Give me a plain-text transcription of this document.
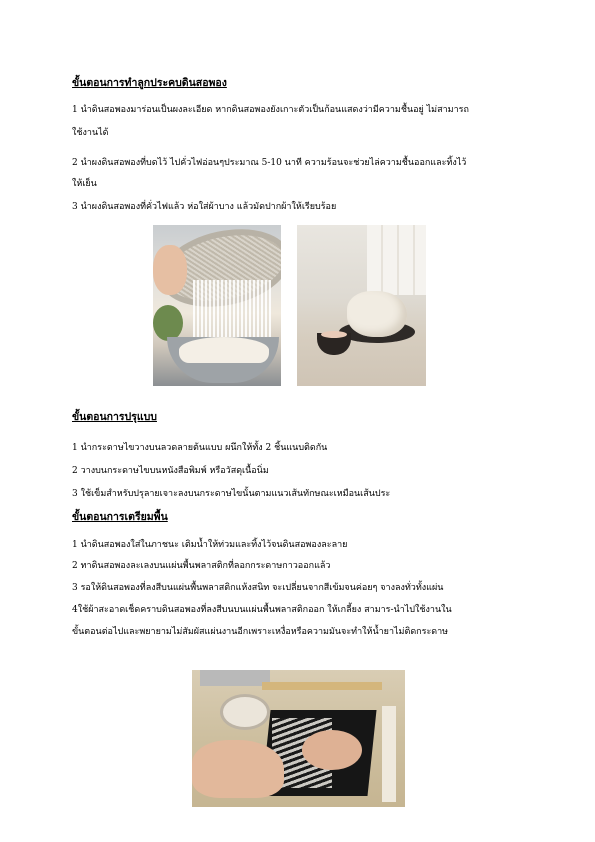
ขั้นตอนการทำลูกประคบดินสอพอง
1 นำดินสอพองมาร่อนเป็นผงละเอียด หากดินสอพองยังเกาะตัวเป็นก้อนแสดงว่ามีความชื้นอยู่ ไม่สามารถ
ใช้งานได้
2 นำผงดินสอพองที่บดไว้ ไปคั่วไฟอ่อนๆประมาณ 5-10 นาที ความร้อนจะช่วยไล่ความชื้นออกและทิ้งไว้
ให้เย็น
3 นำผงดินสอพองที่คั่วไฟแล้ว ห่อใส่ผ้าบาง แล้วมัดปากผ้าให้เรียบร้อย
ขั้นตอนการปรุแบบ
1 นำกระดาษไขวางบนลวดลายต้นแบบ ผนึกให้ทั้ง 2 ชิ้นแนบติดกัน
2 วางบนกระดาษไขบนหนังสือพิมพ์ หรือวัสดุเนื้อนิ่ม
3 ใช้เข็มสำหรับปรุลายเจาะลงบนกระดาษไขนั้นตามแนวเส้นทักษณะเหมือนเส้นประ
ขั้นตอนการเตรียมพื้น
1 นำดินสอพองใส่ในภาชนะ เติมน้ำให้ท่วมและทิ้งไว้จนดินสอพองละลาย
2 ทาดินสอพองละเลงบนแผ่นพื้นพลาสติกที่ลอกกระดาษกาวออกแล้ว
3 รอให้ดินสอพองที่ลงสีบนแผ่นพื้นพลาสติกแห้งสนิท จะเปลี่ยนจากสีเข้มจนค่อยๆ จางลงทั่วทั้งแผ่น
4ใช้ผ้าสะอาดเช็ดคราบดินสอพองที่ลงสีบนบนแผ่นพื้นพลาสติกออก ให้เกลี้ยง สามาร-นำไปใช้งานใน
ขั้นตอนต่อไปและพยายามไม่สัมผัสแผ่นงานอีกเพราะเหงื่อหรือความมันจะทำให้น้ำยาไม่ติดกระดาษ
